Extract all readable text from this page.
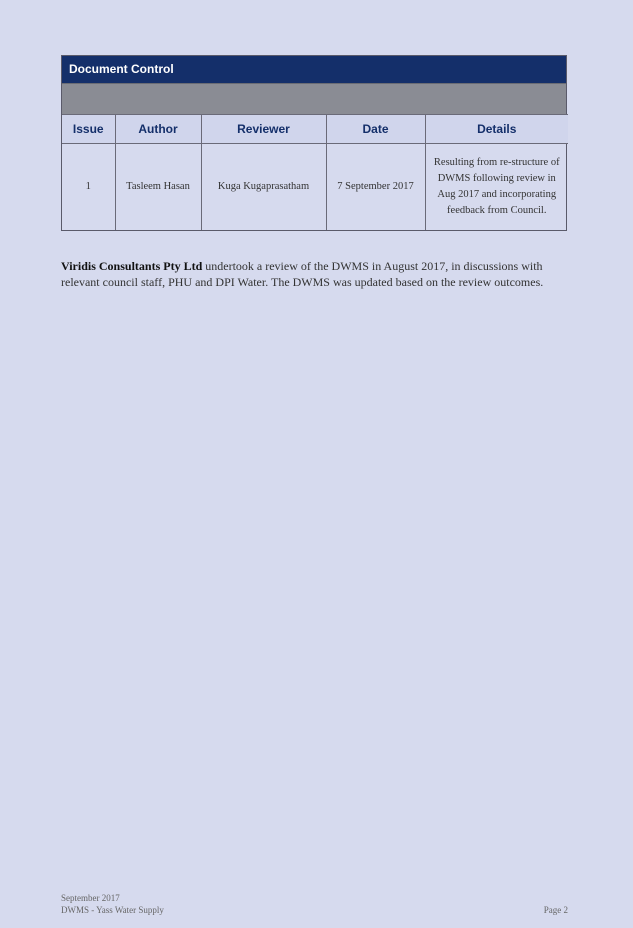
Document Control
Issue	Author	Reviewer	Date	Details
1	Tasleem Hasan	Kuga Kugaprasatham	7 September 2017	Resulting from re-structure of DWMS following review in Aug 2017 and incorporating feedback from Council.

Viridis Consultants Pty Ltd undertook a review of the DWMS in August 2017, in discussions with relevant council staff, PHU and DPI Water. The DWMS was updated based on the review outcomes.

September 2017
DWMS - Yass Water Supply	Page 2
